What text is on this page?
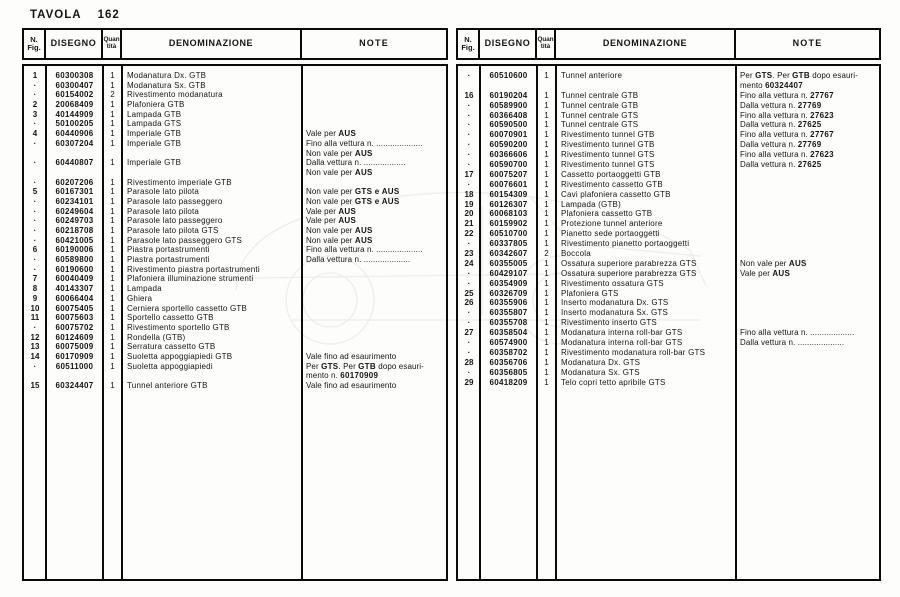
TAVOLA 162
N.
Fig.	DISEGNO	Quan
tità	DENOMINAZIONE	NOTE
1	60300308	1	Modanatura Dx. GTB
·	60300407	1	Modanatura Sx. GTB
·	60154002	2	Rivestimento modanatura
2	20068409	1	Plafoniera GTB
3	40144909	1	Lampada GTB
·	50100205	1	Lampada GTS
4	60440906	1	Imperiale GTB	Vale per AUS
·	60307204	1	Imperiale GTB	Fino alla vettura n. ....................
Non vale per AUS
·	60440807	1	Imperiale GTB	Dalla vettura n. ..................
Non vale per AUS
·	60207206	1	Rivestimento imperiale GTB
5	60167301	1	Parasole lato pilota	Non vale per GTS e AUS
·	60234101	1	Parasole lato passeggero	Non vale per GTS e AUS
·	60249604	1	Parasole lato pilota	Vale per AUS
·	60249703	1	Parasole lato passeggero	Vale per AUS
·	60218708	1	Parasole lato pilota GTS	Non vale per AUS
·	60421005	1	Parasole lato passeggero GTS	Non vale per AUS
6	60190006	1	Piastra portastrumenti	Fino alla vettura n. ....................
·	60589800	1	Piastra portastrumenti	Dalla vettura n. ....................
·	60190600	1	Rivestimento piastra portastrumenti
7	60040409	1	Plafoniera illuminazione strumenti
8	40143307	1	Lampada
9	60066404	1	Ghiera
10	60075405	1	Cerniera sportello cassetto GTB
11	60075603	1	Sportello cassetto GTB
·	60075702	1	Rivestimento sportello GTB
12	60124609	1	Rondella (GTB)
13	60075009	1	Serratura cassetto GTB
14	60170909	1	Suoletta appoggiapiedi GTB	Vale fino ad esaurimento
·	60511000	1	Suoletta appoggiapiedi	Per GTS. Per GTB dopo esauri-
mento n. 60170909
15	60324407	1	Tunnel anteriore GTB	Vale fino ad esaurimento
N.
Fig.	DISEGNO	Quan
tità	DENOMINAZIONE	NOTE
·	60510600	1	Tunnel anteriore	Per GTS. Per GTB dopo esauri-
mento 60324407
16	60190204	1	Tunnel centrale GTB	Fino alla vettura n. 27767
·	60589900	1	Tunnel centrale GTB	Dalla vettura n. 27769
·	60366408	1	Tunnel centrale GTS	Fino alla vettura n. 27623
·	60590500	1	Tunnel centrale GTS	Dalla vettura n. 27625
·	60070901	1	Rivestimento tunnel GTB	Fino alla vettura n. 27767
·	60590200	1	Rivestimento tunnel GTB	Dalla vettura n. 27769
·	60366606	1	Rivestimento tunnel GTS	Fino alla vettura n. 27623
·	60590700	1	Rivestimento tunnel GTS	Dalla vettura n. 27625
17	60075207	1	Cassetto portaoggetti GTB
·	60076601	1	Rivestimento cassetto GTB
18	60154309	1	Cavi plafoniera cassetto GTB
19	60126307	1	Lampada (GTB)
20	60068103	1	Plafoniera cassetto GTB
21	60159902	1	Protezione tunnel anteriore
22	60510700	1	Pianetto sede portaoggetti
·	60337805	1	Rivestimento pianetto portaoggetti
23	60342607	2	Boccola
24	60355005	1	Ossatura superiore parabrezza GTS	Non vale per AUS
·	60429107	1	Ossatura superiore parabrezza GTS	Vale per AUS
·	60354909	1	Rivestimento ossatura GTS
25	60326709	1	Plafoniera GTS
26	60355906	1	Inserto modanatura Dx. GTS
·	60355807	1	Inserto modanatura Sx. GTS
·	60355708	1	Rivestimento inserto GTS
27	60358504	1	Modanatura interna roll-bar GTS	Fino alla vettura n. ...................
·	60574900	1	Modanatura interna roll-bar GTS	Dalla vettura n. ....................
·	60358702	1	Rivestimento modanatura roll-bar GTS
28	60356706	1	Modanatura Dx. GTS
·	60356805	1	Modanatura Sx. GTS
29	60418209	1	Telo copri tetto apribile GTS
